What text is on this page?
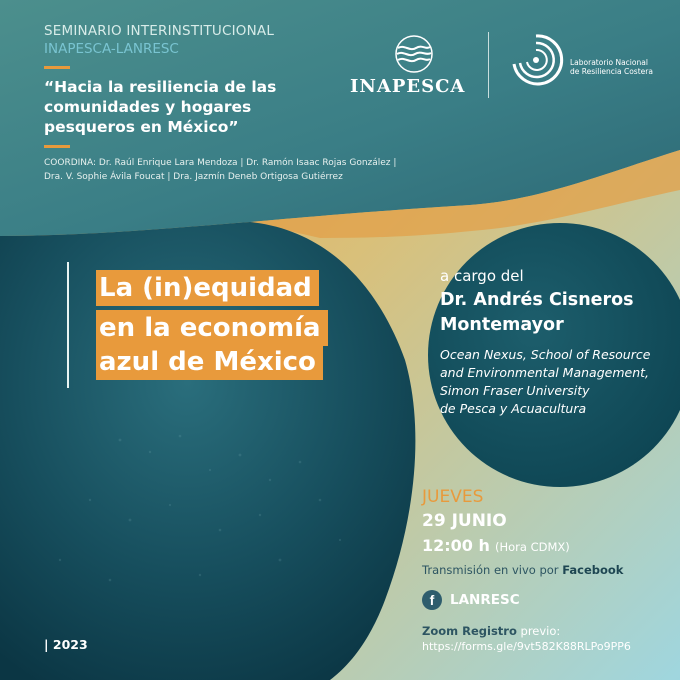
SEMINARIO INTERINSTITUCIONAL
INAPESCA-LANRESC
“Hacia la resiliencia de las
comunidades y hogares
pesqueros en México”
COORDINA: Dr. Raúl Enrique Lara Mendoza | Dr. Ramón Isaac Rojas González |
Dra. V. Sophie Ávila Foucat | Dra. Jazmín Deneb Ortigosa Gutiérrez
INAPESCA
Laboratorio Nacional
de Resiliencia Costera
La (in)equidad
en la economía
azul de México
a cargo del
Dr. Andrés Cisneros
Montemayor
Ocean Nexus, School of Resource
and Environmental Management,
Simon Fraser University
de Pesca y Acuacultura
JUEVES
29 JUNIO
12:00 h (Hora CDMX)
Transmisión en vivo por Facebook
f	LANRESC
Zoom Registro previo:
https://forms.gle/9vt582K88RLPo9PP6
| 2023
